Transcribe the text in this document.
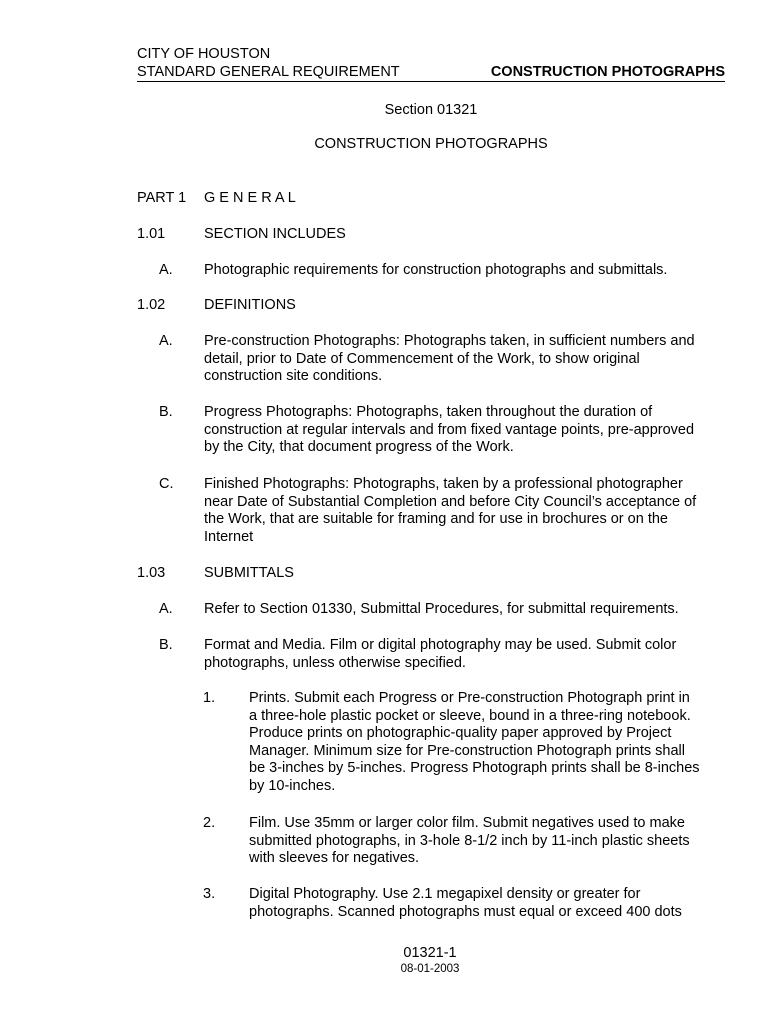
CITY OF HOUSTON
STANDARD GENERAL REQUIREMENT	CONSTRUCTION PHOTOGRAPHS
Section 01321
CONSTRUCTION PHOTOGRAPHS
PART 1 G E N E R A L
1.01	SECTION INCLUDES
A. Photographic requirements for construction photographs and submittals.
1.02	DEFINITIONS
A. Pre-construction Photographs: Photographs taken, in sufficient numbers and
detail, prior to Date of Commencement of the Work, to show original
construction site conditions.
B. Progress Photographs: Photographs, taken throughout the duration of
construction at regular intervals and from fixed vantage points, pre-approved
by the City, that document progress of the Work.
C. Finished Photographs: Photographs, taken by a professional photographer
near Date of Substantial Completion and before City Council’s acceptance of
the Work, that are suitable for framing and for use in brochures or on the
Internet
1.03	SUBMITTALS
A. Refer to Section 01330, Submittal Procedures, for submittal requirements.
B. Format and Media. Film or digital photography may be used. Submit color
photographs, unless otherwise specified.
1. Prints. Submit each Progress or Pre-construction Photograph print in
a three-hole plastic pocket or sleeve, bound in a three-ring notebook.
Produce prints on photographic-quality paper approved by Project
Manager. Minimum size for Pre-construction Photograph prints shall
be 3-inches by 5-inches. Progress Photograph prints shall be 8-inches
by 10-inches.
2. Film. Use 35mm or larger color film. Submit negatives used to make
submitted photographs, in 3-hole 8-1/2 inch by 11-inch plastic sheets
with sleeves for negatives.
3. Digital Photography. Use 2.1 megapixel density or greater for
photographs. Scanned photographs must equal or exceed 400 dots
01321-1
08-01-2003
